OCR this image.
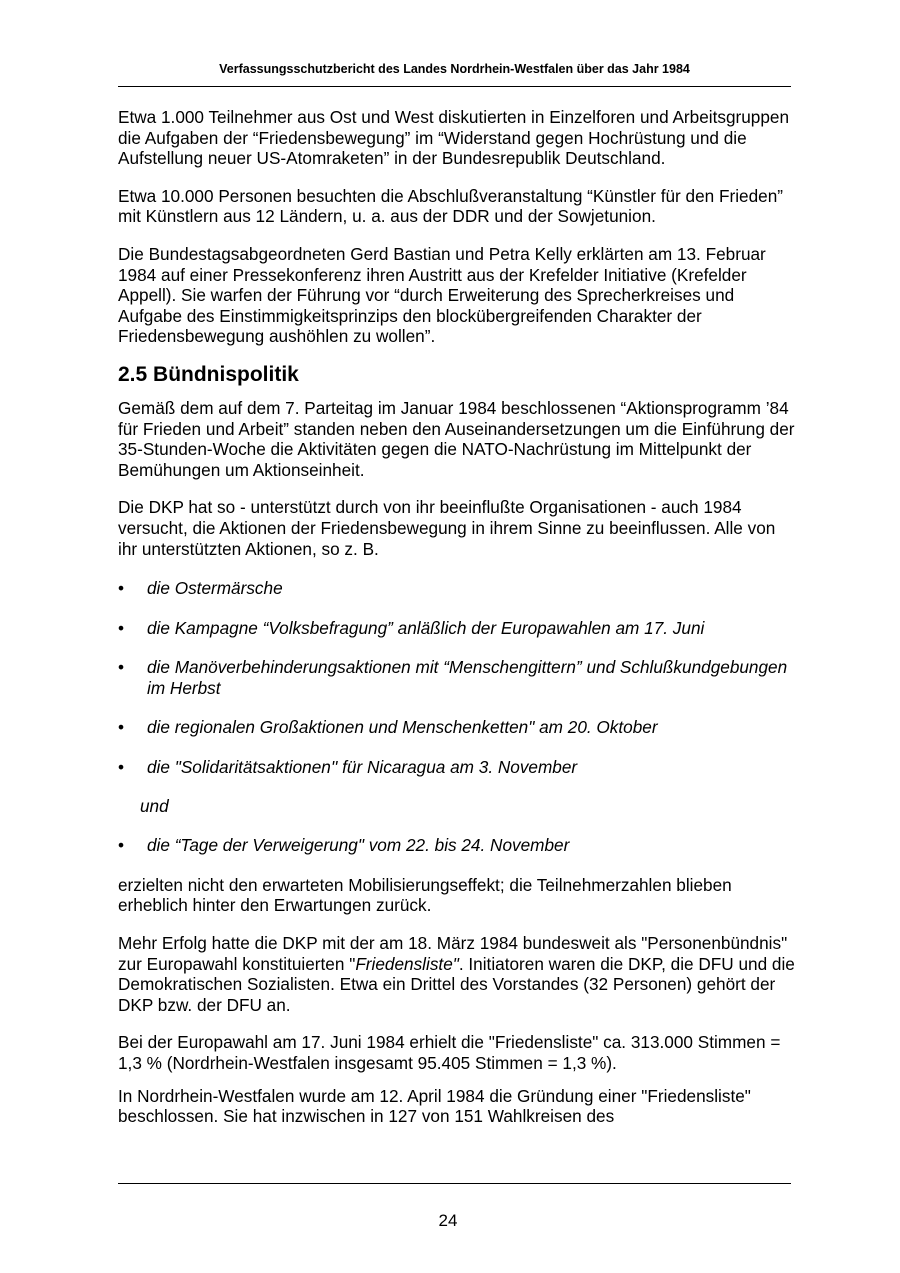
Verfassungsschutzbericht des Landes Nordrhein-Westfalen über das Jahr 1984

Etwa 1.000 Teilnehmer aus Ost und West diskutierten in Einzelforen und Arbeitsgruppen die Aufgaben der “Friedensbewegung” im “Widerstand gegen Hochrüstung und die Aufstellung neuer US-Atomraketen” in der Bundesrepublik Deutschland.

Etwa 10.000 Personen besuchten die Abschlußveranstaltung “Künstler für den Frieden” mit Künstlern aus 12 Ländern, u. a. aus der DDR und der Sowjetunion.

Die Bundestagsabgeordneten Gerd Bastian und Petra Kelly erklärten am 13. Februar 1984 auf einer Pressekonferenz ihren Austritt aus der Krefelder Initiative (Krefelder Appell). Sie warfen der Führung vor “durch Erweiterung des Sprecherkreises und Aufgabe des Einstimmigkeitsprinzips den blockübergreifenden Charakter der Friedensbewegung aushöhlen zu wollen”.

2.5 Bündnispolitik

Gemäß dem auf dem 7. Parteitag im Januar 1984 beschlossenen “Aktionsprogramm ’84 für Frieden und Arbeit” standen neben den Auseinandersetzungen um die Einführung der 35-Stunden-Woche die Aktivitäten gegen die NATO-Nachrüstung im Mittelpunkt der Bemühungen um Aktionseinheit.

Die DKP hat so - unterstützt durch von ihr beeinflußte Organisationen - auch 1984 versucht, die Aktionen der Friedensbewegung in ihrem Sinne zu beeinflussen. Alle von ihr unterstützten Aktionen, so z. B.

• die Ostermärsche
• die Kampagne “Volksbefragung” anläßlich der Europawahlen am 17. Juni
• die Manöverbehinderungsaktionen mit “Menschengittern” und Schlußkundgebungen im Herbst
• die regionalen Großaktionen und Menschenketten" am 20. Oktober
• die "Solidaritätsaktionen'' für Nicaragua am 3. November
und
• die “Tage der Verweigerung" vom 22. bis 24. November

erzielten nicht den erwarteten Mobilisierungseffekt; die Teilnehmerzahlen blieben erheblich hinter den Erwartungen zurück.

Mehr Erfolg hatte die DKP mit der am 18. März 1984 bundesweit als "Personenbündnis" zur Europawahl konstituierten "Friedensliste". Initiatoren waren die DKP, die DFU und die Demokratischen Sozialisten. Etwa ein Drittel des Vorstandes (32 Personen) gehört der DKP bzw. der DFU an.

Bei der Europawahl am 17. Juni 1984 erhielt die "Friedensliste" ca. 313.000 Stimmen = 1,3 % (Nordrhein-Westfalen insgesamt 95.405 Stimmen = 1,3 %).

In Nordrhein-Westfalen wurde am 12. April 1984 die Gründung einer "Friedensliste" beschlossen. Sie hat inzwischen in 127 von 151 Wahlkreisen des

24
